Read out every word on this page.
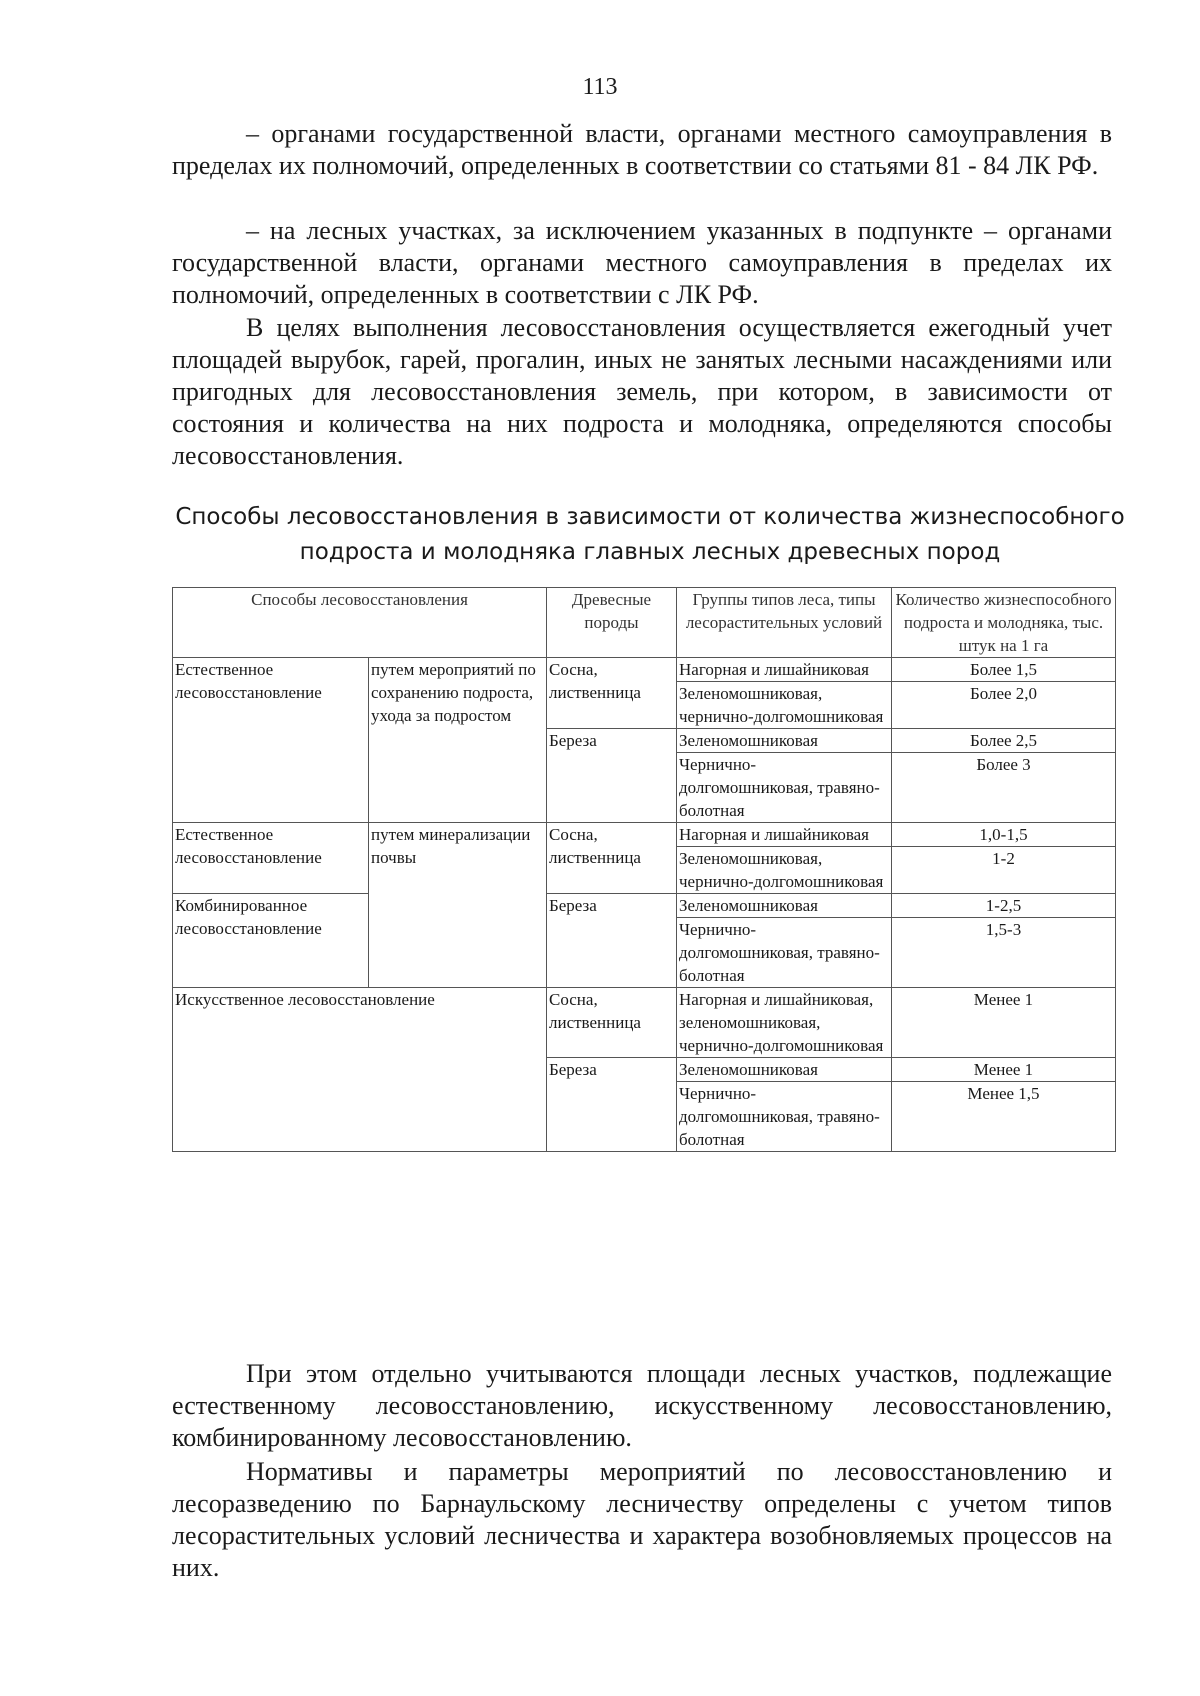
113

– органами государственной власти, органами местного самоуправления в пределах их полномочий, определенных в соответствии со статьями 81 - 84 ЛК РФ.

– на лесных участках, за исключением указанных в подпункте – органами государственной власти, органами местного самоуправления в пределах их полномочий, определенных в соответствии с ЛК РФ.

В целях выполнения лесовосстановления осуществляется ежегодный учет площадей вырубок, гарей, прогалин, иных не занятых лесными насаждениями или пригодных для лесовосстановления земель, при котором, в зависимости от состояния и количества на них подроста и молодняка, определяются способы лесовосстановления.

Способы лесовосстановления в зависимости от количества жизнеспособного подроста и молодняка главных лесных древесных пород
Способы лесовосстановления		Древесные породы	Группы типов леса, типы лесорастительных условий	Количество жизнеспособного подроста и молодняка, тыс. штук на 1 га
Естественное лесовосстановление	путем мероприятий по сохранению подроста, ухода за подростом	Сосна, лиственница	Нагорная и лишайниковая	Более 1,5
			Зеленомошниковая, чернично-долгомошниковая	Более 2,0
		Береза	Зеленомошниковая	Более 2,5
			Чернично-долгомошниковая, травяно-болотная	Более 3
Естественное лесовосстановление	путем минерализации почвы	Сосна, лиственница	Нагорная и лишайниковая	1,0-1,5
			Зеленомошниковая, чернично-долгомошниковая	1-2
Комбинированное лесовосстановление		Береза	Зеленомошниковая	1-2,5
			Чернично-долгомошниковая, травяно-болотная	1,5-3
Искусственное лесовосстановление		Сосна, лиственница	Нагорная и лишайниковая, зеленомошниковая, чернично-долгомошниковая	Менее 1
		Береза	Зеленомошниковая	Менее 1
			Чернично-долгомошниковая, травяно-болотная	Менее 1,5

При этом отдельно учитываются площади лесных участков, подлежащие естественному лесовосстановлению, искусственному лесовосстановлению, комбинированному лесовосстановлению.

Нормативы и параметры мероприятий по лесовосстановлению и лесоразведению по Барнаульскому лесничеству определены с учетом типов лесорастительных условий лесничества и характера возобновляемых процессов на них.
